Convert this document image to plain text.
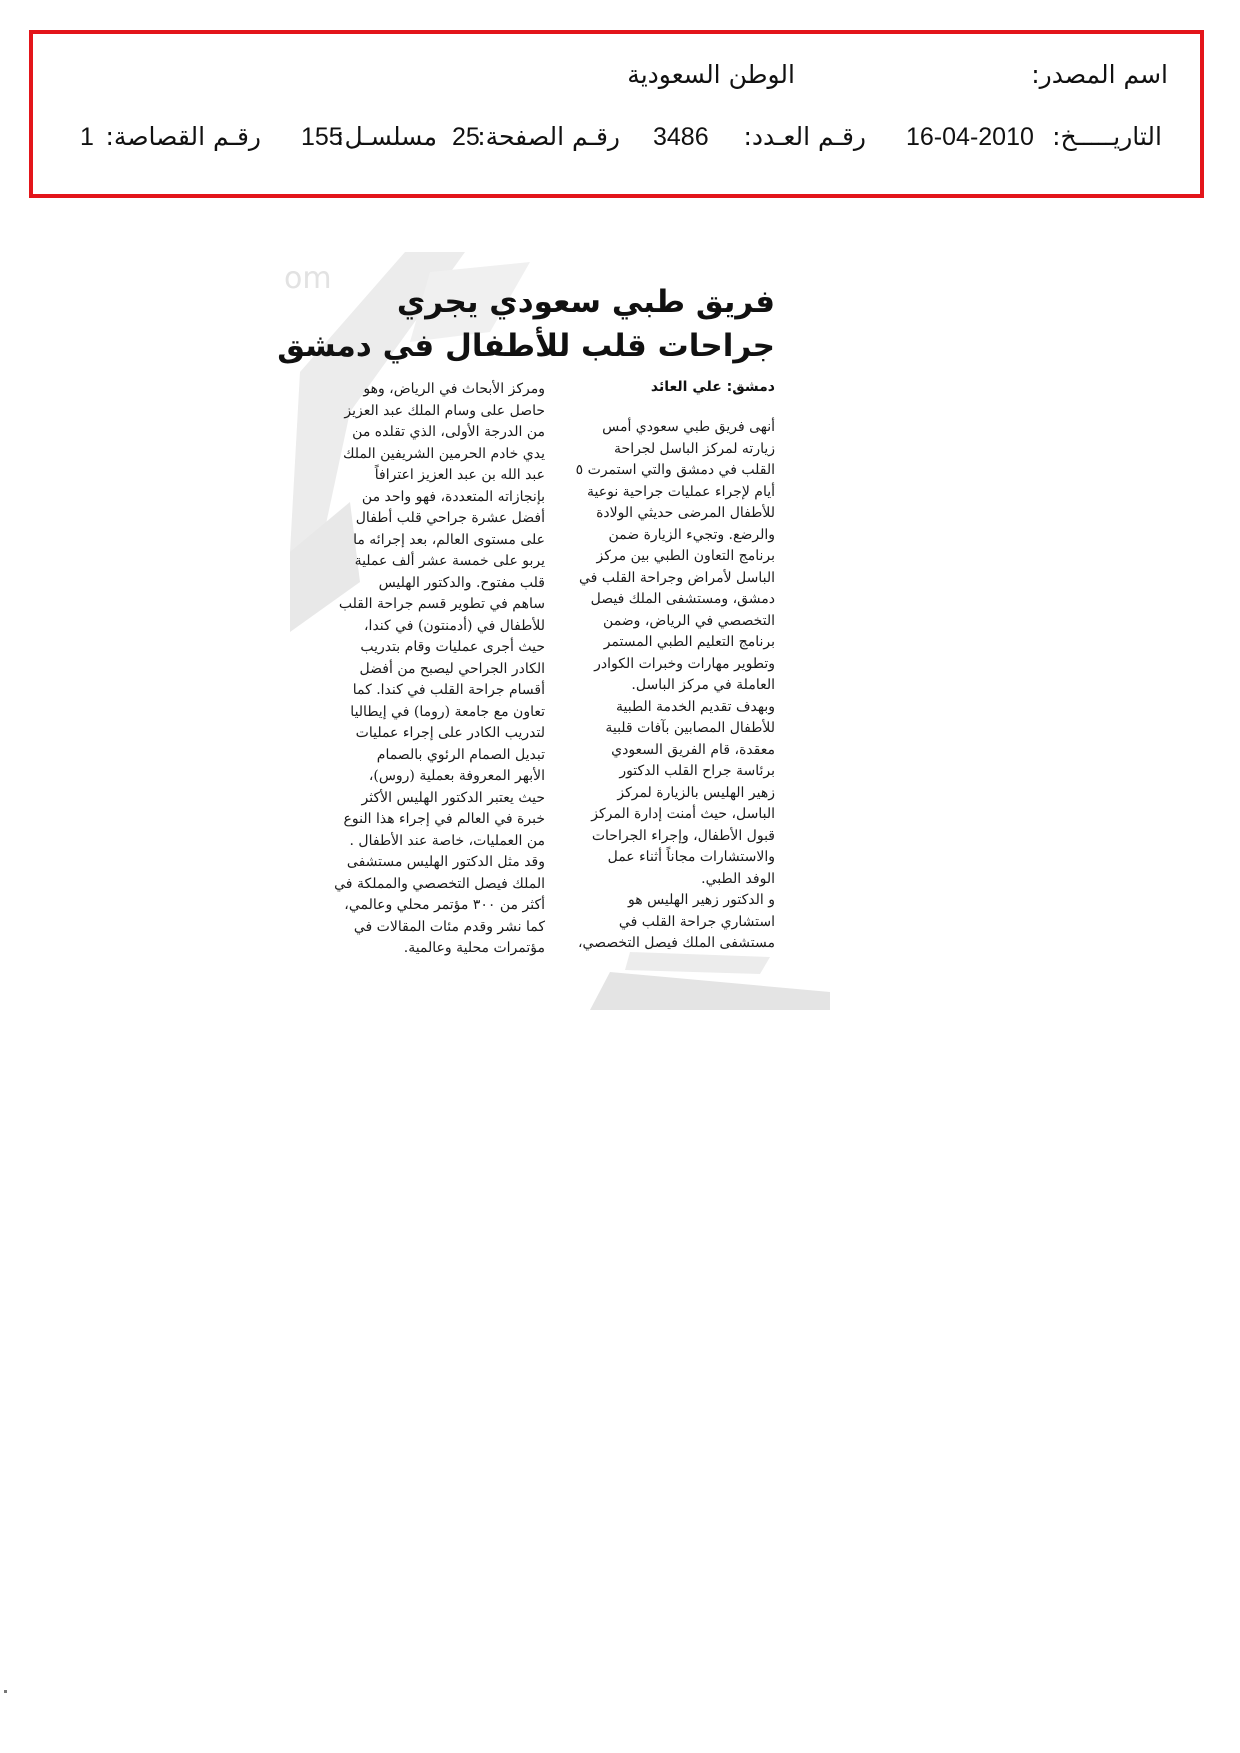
اسم المصدر:
الوطن السعودية
التاريـــــخ:
16-04-2010
رقـم العـدد:
3486
رقـم الصفحة:
25
مسلسـل:
155
رقـم القصاصة:
1
om
فريق طبي سعودي يجري
جراحات قلب للأطفال في دمشق
دمشق: علي العائد
أنهى فريق طبي سعودي أمس
زيارته لمركز الباسل لجراحة
القلب في دمشق والتي استمرت ٥
أيام لإجراء عمليات جراحية نوعية
للأطفال المرضى حديثي الولادة
والرضع. وتجيء الزيارة ضمن
برنامج التعاون الطبي بين مركز
الباسل لأمراض وجراحة القلب في
دمشق، ومستشفى الملك فيصل
التخصصي في الرياض، وضمن
برنامج التعليم الطبي المستمر
وتطوير مهارات وخبرات الكوادر
العاملة في مركز الباسل.
وبهدف تقديم الخدمة الطبية
للأطفال المصابين بآفات قلبية
معقدة، قام الفريق السعودي
برئاسة جراح القلب الدكتور
زهير الهليس بالزيارة لمركز
الباسل، حيث أمنت إدارة المركز
قبول الأطفال، وإجراء الجراحات
والاستشارات مجاناً أثناء عمل
الوفد الطبي.
و الدكتور زهير الهليس هو
استشاري جراحة القلب في
مستشفى الملك فيصل التخصصي،
ومركز الأبحاث في الرياض، وهو
حاصل على وسام الملك عبد العزيز
من الدرجة الأولى، الذي تقلده من
يدي خادم الحرمين الشريفين الملك
عبد الله بن عبد العزيز اعترافاً
بإنجازاته المتعددة، فهو واحد من
أفضل عشرة جراحي قلب أطفال
على مستوى العالم، بعد إجرائه ما
يربو على خمسة عشر ألف عملية
قلب مفتوح. والدكتور الهليس
ساهم في تطوير قسم جراحة القلب
للأطفال في (أدمنتون) في كندا،
حيث أجرى عمليات وقام بتدريب
الكادر الجراحي ليصبح من أفضل
أقسام جراحة القلب في كندا. كما
تعاون مع جامعة (روما) في إيطاليا
لتدريب الكادر على إجراء عمليات
تبديل الصمام الرئوي بالصمام
الأبهر المعروفة بعملية (روس)،
حيث يعتبر الدكتور الهليس الأكثر
خبرة في العالم في إجراء هذا النوع
من العمليات، خاصة عند الأطفال .
وقد مثل الدكتور الهليس مستشفى
الملك فيصل التخصصي والمملكة في
أكثر من ٣٠٠ مؤتمر محلي وعالمي،
كما نشر وقدم مئات المقالات في
مؤتمرات محلية وعالمية.
